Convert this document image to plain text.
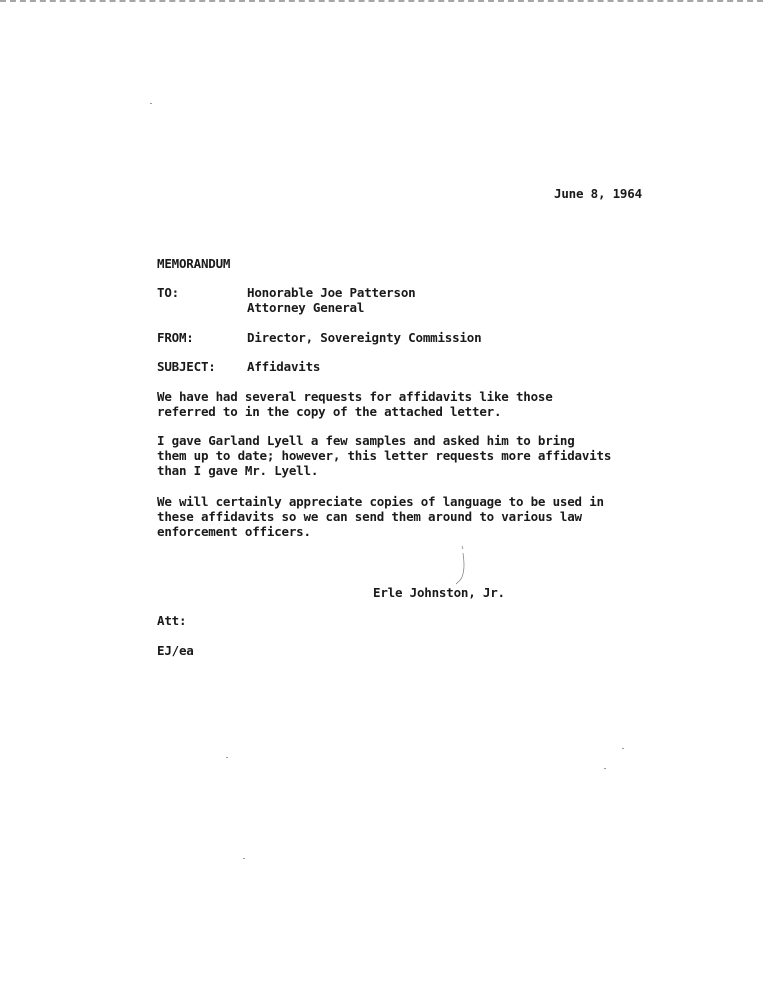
June 8, 1964
MEMORANDUM
TO:	Honorable Joe Patterson
Attorney General
FROM:	Director, Sovereignty Commission
SUBJECT:	Affidavits
We have had several requests for affidavits like those
referred to in the copy of the attached letter.
I gave Garland Lyell a few samples and asked him to bring
them up to date; however, this letter requests more affidavits
than I gave Mr. Lyell.
We will certainly appreciate copies of language to be used in
these affidavits so we can send them around to various law
enforcement officers.
Erle Johnston, Jr.
Att:
EJ/ea
